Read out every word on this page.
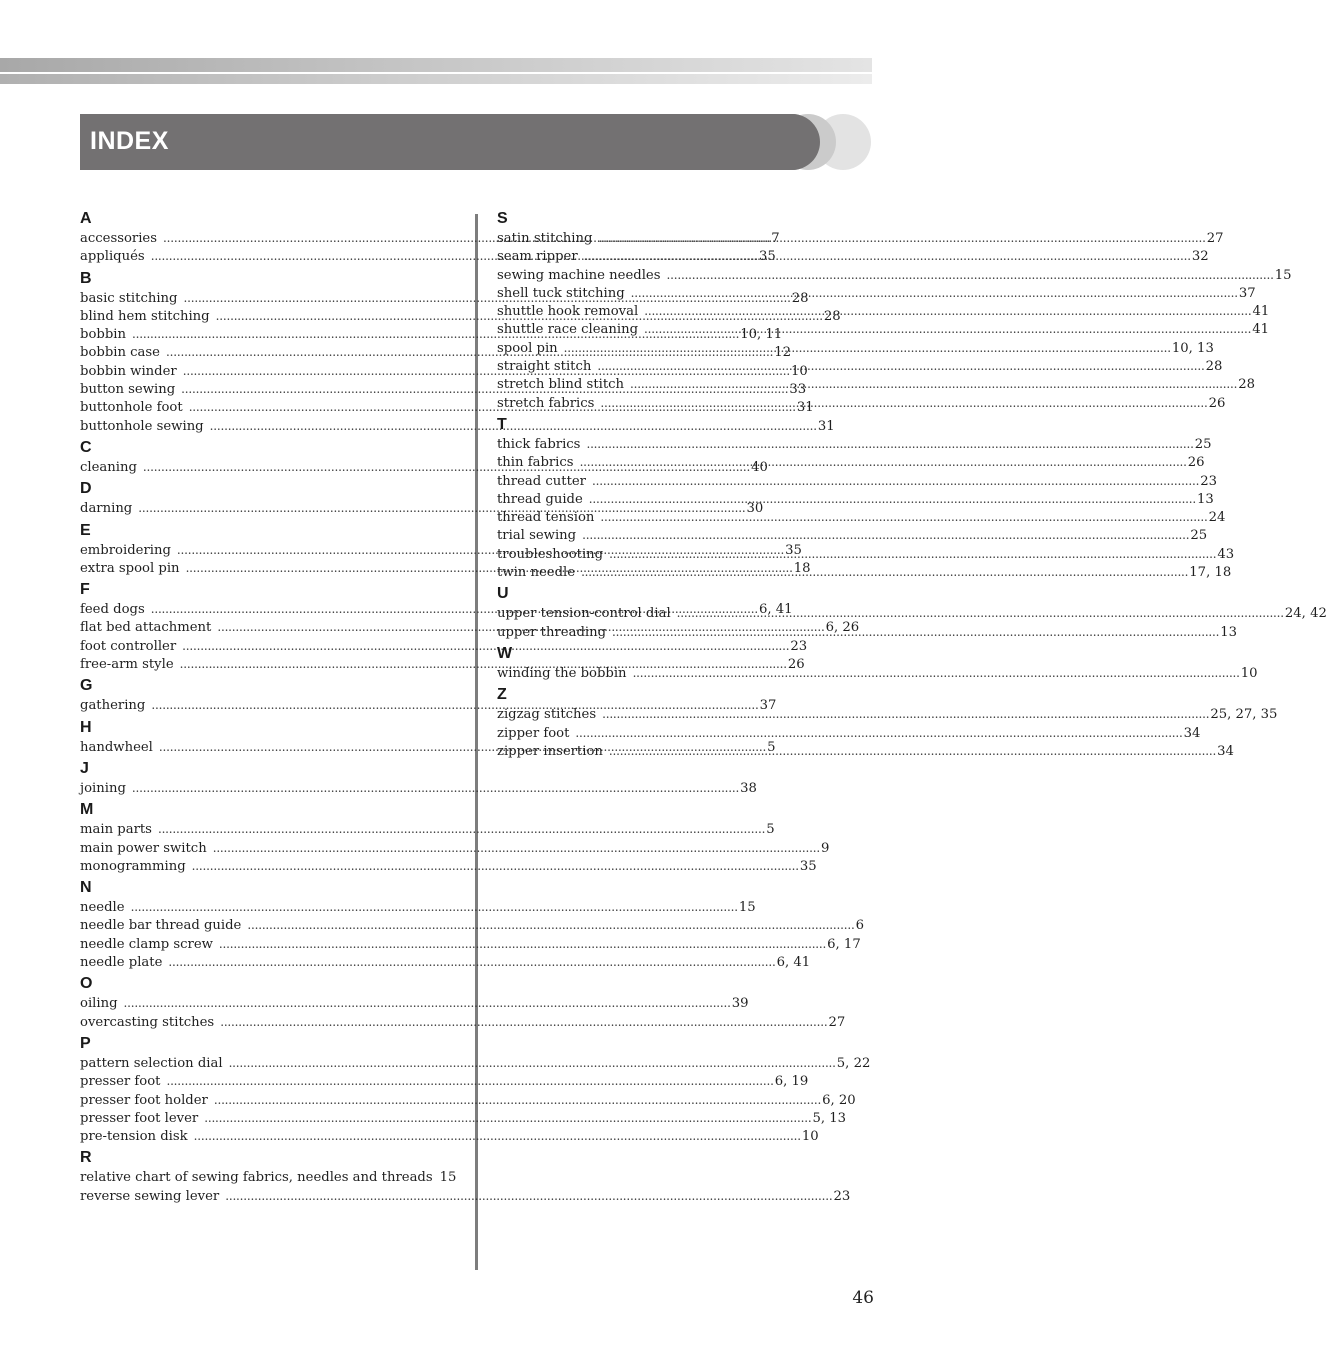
INDEX
A
accessories .....	7
appliqués .....	35
B
basic stitching .....	28
blind hem stitching .....	28
bobbin .....	10, 11
bobbin case .....	12
bobbin winder .....	10
button sewing .....	33
buttonhole foot .....	31
buttonhole sewing .....	31
C
cleaning .....	40
D
darning .....	30
E
embroidering .....	35
extra spool pin .....	18
F
feed dogs .....	6, 41
flat bed attachment .....	6, 26
foot controller .....	23
free-arm style .....	26
G
gathering .....	37
H
handwheel .....	5
J
joining .....	38
M
main parts .....	5
main power switch .....	9
monogramming .....	35
N
needle .....	15
needle bar thread guide .....	6
needle clamp screw .....	6, 17
needle plate .....	6, 41
O
oiling .....	39
overcasting stitches .....	27
P
pattern selection dial .....	5, 22
presser foot .....	6, 19
presser foot holder .....	6, 20
presser foot lever .....	5, 13
pre-tension disk .....	10
R
relative chart of sewing fabrics, needles and threads 15
reverse sewing lever .....	23
S
satin stitching .....	27
seam ripper .....	32
sewing machine needles .....	15
shell tuck stitching .....	37
shuttle hook removal .....	41
shuttle race cleaning .....	41
spool pin .....	10, 13
straight stitch .....	28
stretch blind stitch .....	28
stretch fabrics .....	26
T
thick fabrics .....	25
thin fabrics .....	26
thread cutter .....	23
thread guide .....	13
thread tension .....	24
trial sewing .....	25
troubleshooting .....	43
twin needle .....	17, 18
U
upper tension-control dial .....	24, 42
upper threading .....	13
W
winding the bobbin .....	10
Z
zigzag stitches .....	25, 27, 35
zipper foot .....	34
zipper insertion .....	34
46
